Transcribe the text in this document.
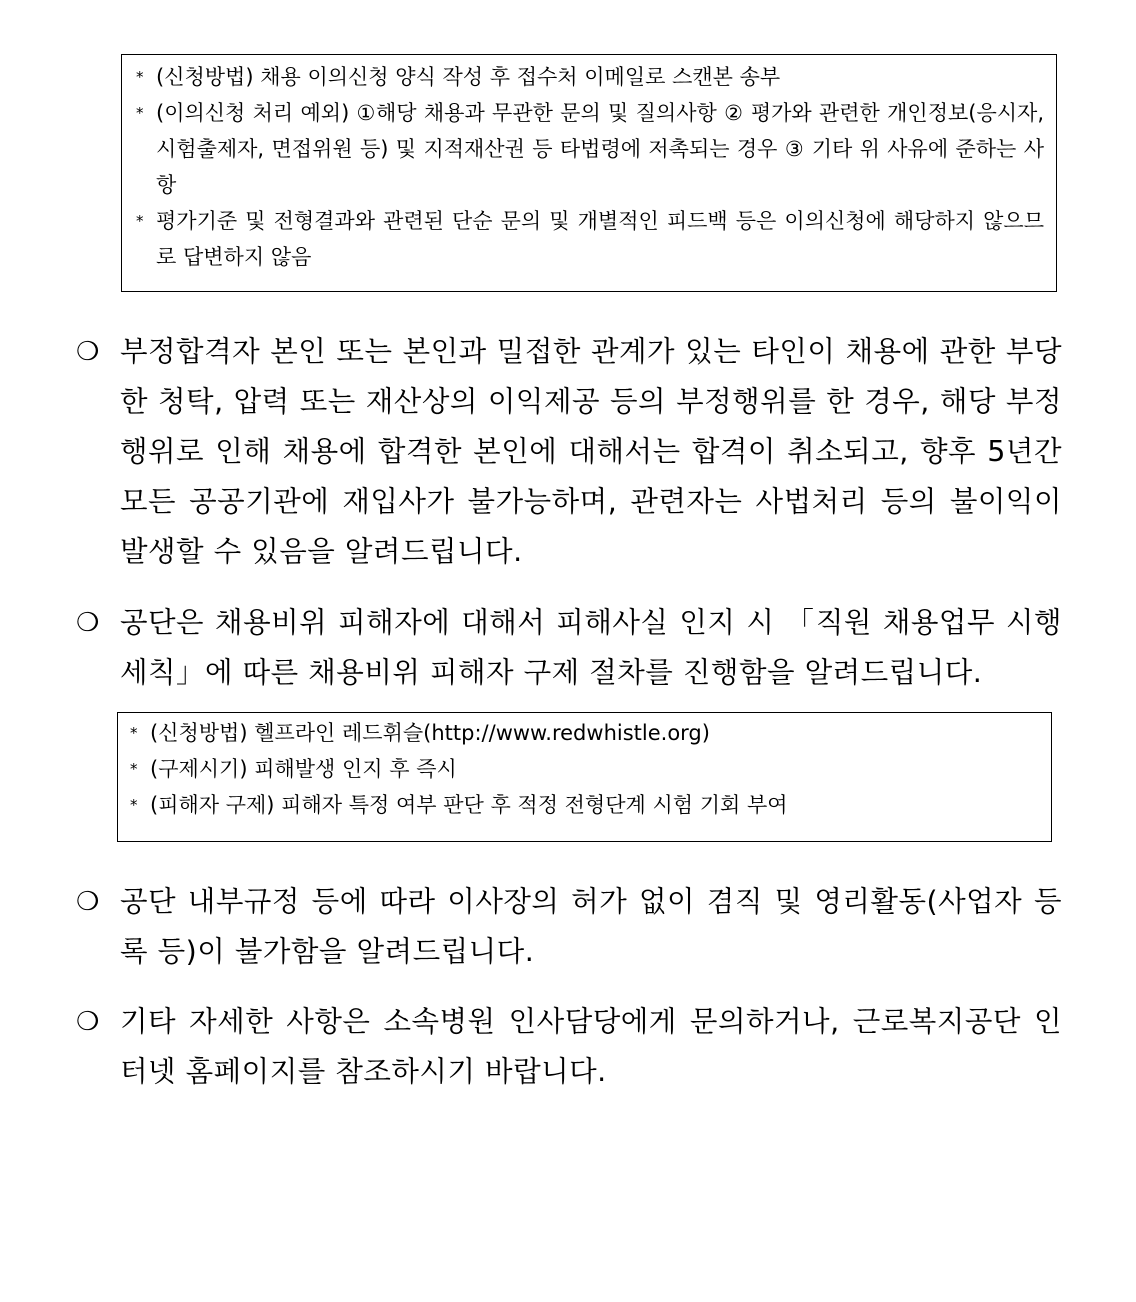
* (신청방법) 채용 이의신청 양식 작성 후 접수처 이메일로 스캔본 송부
* (이의신청 처리 예외) ①해당 채용과 무관한 문의 및 질의사항 ② 평가와 관련한 개인정보(응시자, 시험출제자, 면접위원 등) 및 지적재산권 등 타법령에 저촉되는 경우 ③ 기타 위 사유에 준하는 사항
* 평가기준 및 전형결과와 관련된 단순 문의 및 개별적인 피드백 등은 이의신청에 해당하지 않으므로 답변하지 않음
❍ 부정합격자 본인 또는 본인과 밀접한 관계가 있는 타인이 채용에 관한 부당한 청탁, 압력 또는 재산상의 이익제공 등의 부정행위를 한 경우, 해당 부정행위로 인해 채용에 합격한 본인에 대해서는 합격이 취소되고, 향후 5년간 모든 공공기관에 재입사가 불가능하며, 관련자는 사법처리 등의 불이익이 발생할 수 있음을 알려드립니다.
❍ 공단은 채용비위 피해자에 대해서 피해사실 인지 시 「직원 채용업무 시행세칙」에 따른 채용비위 피해자 구제 절차를 진행함을 알려드립니다.
* (신청방법) 헬프라인 레드휘슬(http://www.redwhistle.org)
* (구제시기) 피해발생 인지 후 즉시
* (피해자 구제) 피해자 특정 여부 판단 후 적정 전형단계 시험 기회 부여
❍ 공단 내부규정 등에 따라 이사장의 허가 없이 겸직 및 영리활동(사업자 등록 등)이 불가함을 알려드립니다.
❍ 기타 자세한 사항은 소속병원 인사담당에게 문의하거나, 근로복지공단 인터넷 홈페이지를 참조하시기 바랍니다.
